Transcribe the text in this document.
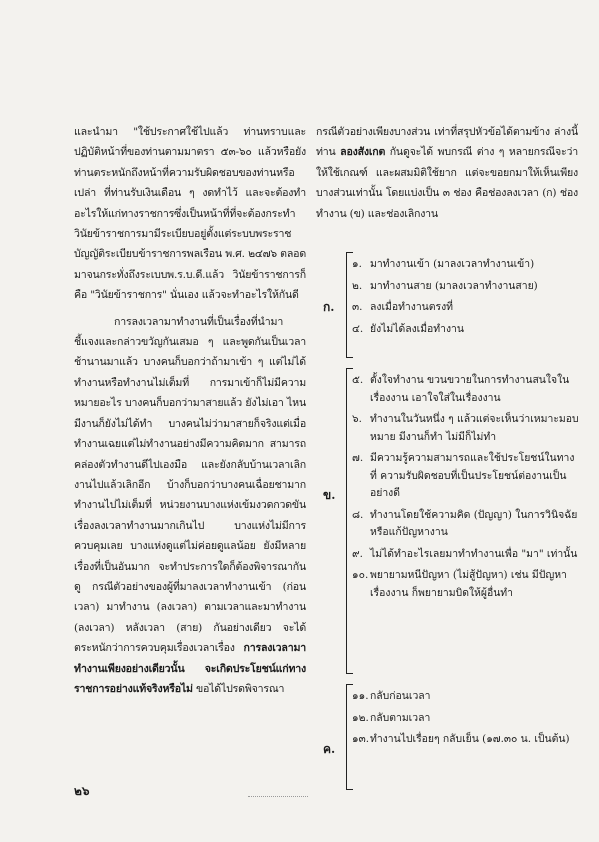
และนำมา "ใช้ประกาศใช้ไปแล้ว ท่านทราบและปฏิบัติหน้าที่ของท่านตามมาตรา ๕๓-๖๐ แล้วหรือยัง ท่านตระหนักถึงหน้าที่ความรับผิดชอบของท่านหรือเปล่า ที่ท่านรับเงินเดือน ๆ งดทำไว้ และจะต้องทำอะไรให้แก่ทางราชการซึ่งเป็นหน้าที่ที่จะต้องกระทำ วินัยข้าราชการมามีระเบียบอยู่ตั้งแต่ระบบพระราชบัญญัติระเบียบข้าราชการพลเรือน พ.ศ. ๒๔๗๖ ตลอดมาจนกระทั่งถึงระเบบพ.ร.บ.ดี.แล้ว วินัยข้าราชการก็คือ "วินัยข้าราชการ" นั่นเอง แล้วจะทำอะไรให้กันดี

การลงเวลามาทำงานที่เป็นเรื่องที่นำมาชี้แจงและกล่าวขวัญกันเสมอ ๆ และพูดกันเป็นเวลาช้านานมาแล้ว บางคนก็บอกว่าถ้ามาเข้า ๆ แต่ไม่ได้ทำงานหรือทำงานไม่เต็มที่ การมาเข้าก็ไม่มีความหมายอะไร บางคนก็บอกว่ามาสายแล้ว ยังไม่เอา ไหนมีงานก็ยังไม่ได้ทำ บางคนไม่ว่ามาสายก็จริงแต่เมื่อทำงานเฉยแต่ไม่ทำงานอย่างมีความคิดมาก สามารถคล่องตัวทำงานดีไปเองมือ และยังกลับบ้านเวลาเลิกงานไปแล้วเลิกอีก บ้างก็บอกว่าบางคนเฉื่อยชามาก ทำงานไปไม่เต็มที่ หน่วยงานบางแห่งเข้มงวดกวดขันเรื่องลงเวลาทำงานมากเกินไป บางแห่งไม่มีการควบคุมเลย บางแห่งดูแต่ไม่ค่อยดูแลน้อย ยังมีหลายเรื่องที่เป็นอันมาก จะทำประการใดก็ต้องพิจารณากันดู กรณีตัวอย่างของผู้ที่มาลงเวลาทำงานเข้า (ก่อนเวลา) มาทำงาน (ลงเวลา) ตามเวลาและมาทำงาน (ลงเวลา) หลังเวลา (สาย) กันอย่างเดียว จะได้ตระหนักว่าการควบคุมเรื่องเวลาเรื่อง การลงเวลามาทำงานเพียงอย่างเดียวนั้น จะเกิดประโยชน์แก่ทางราชการอย่างแท้จริงหรือไม่ ขอได้ไปรดพิจารณา

กรณีตัวอย่างเพียงบางส่วน เท่าที่สรุปหัวข้อได้ตามข้าง ล่างนี้ ท่าน ลองสังเกต กันดูจะได้ พบกรณี ต่าง ๆ หลายกรณีจะว่าให้ใช้เกณฑ์ และผสมมิติใช้ยาก แต่จะขอยกมาให้เห็นเพียงบางส่วนเท่านั้น โดยแบ่งเป็น ๓ ช่อง คือช่องลงเวลา (ก) ช่องทำงาน (ข) และช่องเลิกงาน

ก.
๑. มาทำงานเข้า (มาลงเวลาทำงานเข้า)
๒. มาทำงานสาย (มาลงเวลาทำงานสาย)
๓. ลงเมื่อทำงานตรงที่
๔. ยังไม่ได้ลงเมื่อทำงาน
ข.
๕. ตั้งใจทำงาน ขวนขวายในการทำงานสนใจในเรื่องงาน เอาใจใส่ในเรื่องงาน
๖. ทำงานในวันหนึ่ง ๆ แล้วแต่จะเห็นว่าเหมาะมอบหมาย มีงานก็ทำ ไม่มีก็ไม่ทำ
๗. มีความรู้ความสามารถและใช้ประโยชน์ในทางที่ ความรับผิดชอบที่เป็นประโยชน์ต่องานเป็นอย่างดี
๘. ทำงานโดยใช้ความคิด (ปัญญา) ในการวินิจฉัยหรือแก้ปัญหางาน
๙. ไม่ได้ทำอะไรเลยมาทำทำงานเพื่อ "มา" เท่านั้น
๑๐. พยายามหนีปัญหา (ไม่สู้ปัญหา) เช่น มีปัญหาเรื่องงาน ก็พยายามบิดให้ผู้อื่นทำ
ค.
๑๑. กลับก่อนเวลา
๑๒. กลับตามเวลา
๑๓. ทำงานไปเรื่อยๆ กลับเย็น (๑๗.๓๐ น. เป็นต้น)
๒๖
